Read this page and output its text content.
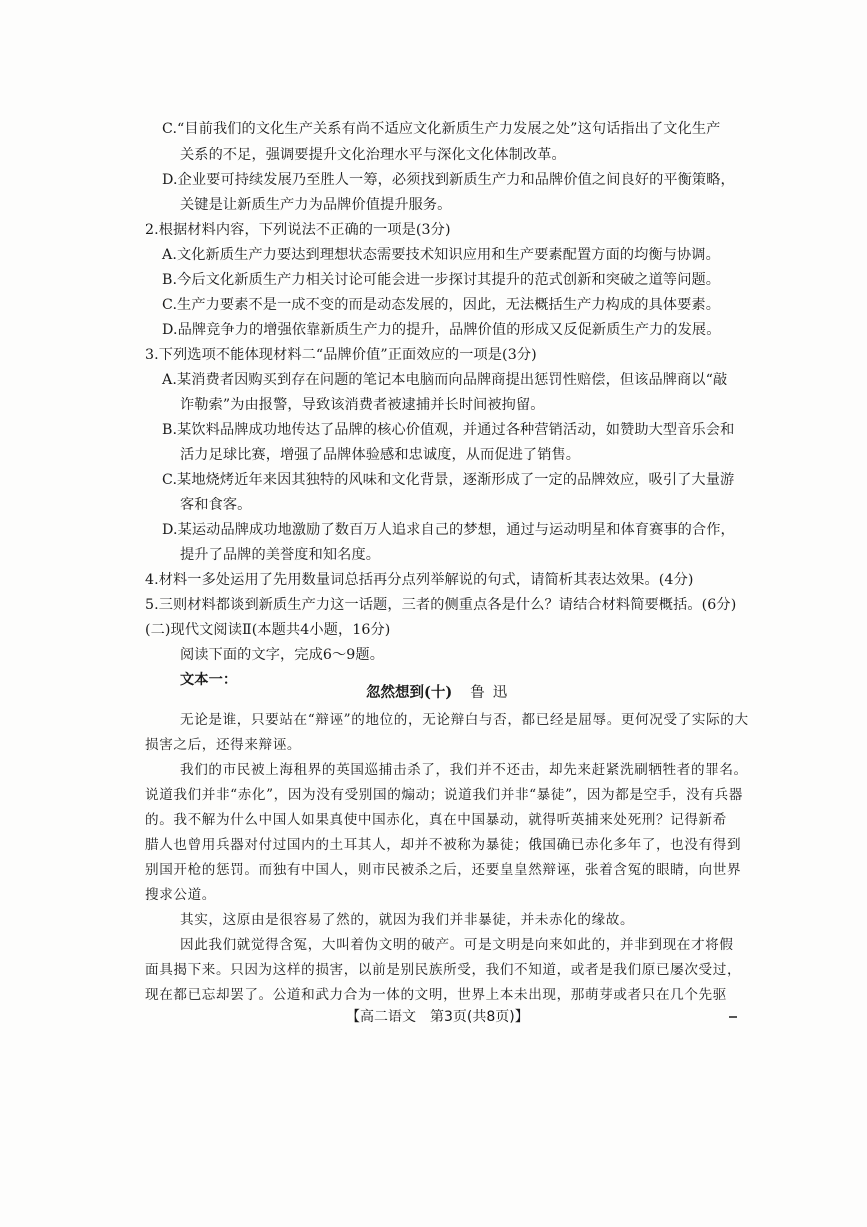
C.“目前我们的文化生产关系有尚不适应文化新质生产力发展之处”这句话指出了文化生产
关系的不足，强调要提升文化治理水平与深化文化体制改革。
D.企业要可持续发展乃至胜人一筹，必须找到新质生产力和品牌价值之间良好的平衡策略，
关键是让新质生产力为品牌价值提升服务。
2.根据材料内容，下列说法不正确的一项是(3分)
A.文化新质生产力要达到理想状态需要技术知识应用和生产要素配置方面的均衡与协调。
B.今后文化新质生产力相关讨论可能会进一步探讨其提升的范式创新和突破之道等问题。
C.生产力要素不是一成不变的而是动态发展的，因此，无法概括生产力构成的具体要素。
D.品牌竞争力的增强依靠新质生产力的提升，品牌价值的形成又反促新质生产力的发展。
3.下列选项不能体现材料二“品牌价值”正面效应的一项是(3分)
A.某消费者因购买到存在问题的笔记本电脑而向品牌商提出惩罚性赔偿，但该品牌商以“敲
诈勒索”为由报警，导致该消费者被逮捕并长时间被拘留。
B.某饮料品牌成功地传达了品牌的核心价值观，并通过各种营销活动，如赞助大型音乐会和
活力足球比赛，增强了品牌体验感和忠诚度，从而促进了销售。
C.某地烧烤近年来因其独特的风味和文化背景，逐渐形成了一定的品牌效应，吸引了大量游
客和食客。
D.某运动品牌成功地激励了数百万人追求自己的梦想，通过与运动明星和体育赛事的合作，
提升了品牌的美誉度和知名度。
4.材料一多处运用了先用数量词总括再分点列举解说的句式，请简析其表达效果。(4分)
5.三则材料都谈到新质生产力这一话题，三者的侧重点各是什么？请结合材料简要概括。(6分)
(二)现代文阅读Ⅱ(本题共4小题，16分)
阅读下面的文字，完成6～9题。
文本一：
忽然想到(十) 鲁迅
无论是谁，只要站在“辩诬”的地位的，无论辩白与否，都已经是屈辱。更何况受了实际的大
损害之后，还得来辩诬。
我们的市民被上海租界的英国巡捕击杀了，我们并不还击，却先来赶紧洗刷牺牲者的罪名。
说道我们并非“赤化”，因为没有受别国的煽动；说道我们并非“暴徒”，因为都是空手，没有兵器
的。我不解为什么中国人如果真使中国赤化，真在中国暴动，就得听英捕来处死刑？记得新希
腊人也曾用兵器对付过国内的土耳其人，却并不被称为暴徒；俄国确已赤化多年了，也没有得到
别国开枪的惩罚。而独有中国人，则市民被杀之后，还要皇皇然辩诬，张着含冤的眼睛，向世界
搜求公道。
其实，这原由是很容易了然的，就因为我们并非暴徒，并未赤化的缘故。
因此我们就觉得含冤，大叫着伪文明的破产。可是文明是向来如此的，并非到现在才将假
面具揭下来。只因为这样的损害，以前是别民族所受，我们不知道，或者是我们原已屡次受过，
现在都已忘却罢了。公道和武力合为一体的文明，世界上本未出现，那萌芽或者只在几个先驱
【高二语文　第3页(共8页)】
